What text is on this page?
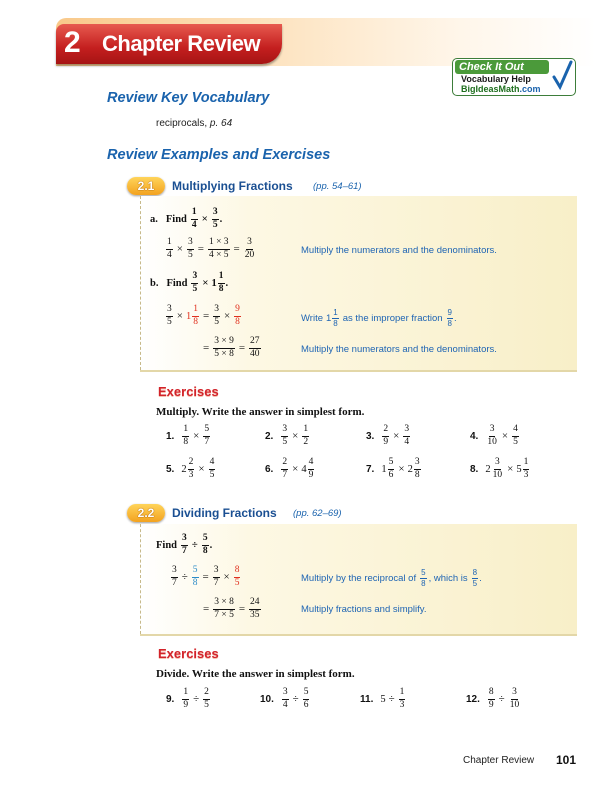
2 Chapter Review
Check It Out
Vocabulary Help
BigIdeasMath.com
Review Key Vocabulary
reciprocals, p. 64
Review Examples and Exercises
2.1	Multiplying Fractions (pp. 54–61)
a. Find $\frac{1}{4} \times \frac{3}{5}$ .
$\frac{1}{4} \times \frac{3}{5} = \frac{1 \times 3}{4 \times 5} = \frac{3}{20}$	Multiply the numerators and the denominators.
b. Find $\frac{3}{5} \times 1 \frac{1}{8}$ .
$\frac{3}{5} \times 1 \frac{1}{8} = \frac{3}{5} \times \frac{9}{8}$	Write $1 \frac{1}{8}$ as the improper fraction $\frac{9}{8}$ .
= $\frac{3 \times 9}{5 \times 8} = \frac{27}{40}$	Multiply the numerators and the denominators.
Exercises
Multiply. Write the answer in simplest form.
1. $\frac{1}{8} \times \frac{5}{7}$	2. $\frac{3}{5} \times \frac{1}{2}$	3. $\frac{2}{9} \times \frac{3}{4}$	4. $\frac{3}{10} \times \frac{4}{5}$
5. $2 \frac{2}{3} \times \frac{4}{5}$	6. $\frac{2}{7} \times 4 \frac{4}{9}$	7. $1 \frac{5}{6} \times 2 \frac{3}{8}$	8. $2 \frac{3}{10} \times 5 \frac{1}{3}$
2.2	Dividing Fractions (pp. 62–69)
Find $\frac{3}{7} \div \frac{5}{8}$ .
$\frac{3}{7} \div \frac{5}{8} = \frac{3}{7} \times \frac{8}{5}$	Multiply by the reciprocal of $\frac{5}{8}$ , which is $\frac{8}{5}$ .
= $\frac{3 \times 8}{7 \times 5} = \frac{24}{35}$	Multiply fractions and simplify.
Exercises
Divide. Write the answer in simplest form.
9. $\frac{1}{9} \div \frac{2}{5}$	10. $\frac{3}{4} \div \frac{5}{6}$	11. $5 \div \frac{1}{3}$	12. $\frac{8}{9} \div \frac{3}{10}$
Chapter Review 101
